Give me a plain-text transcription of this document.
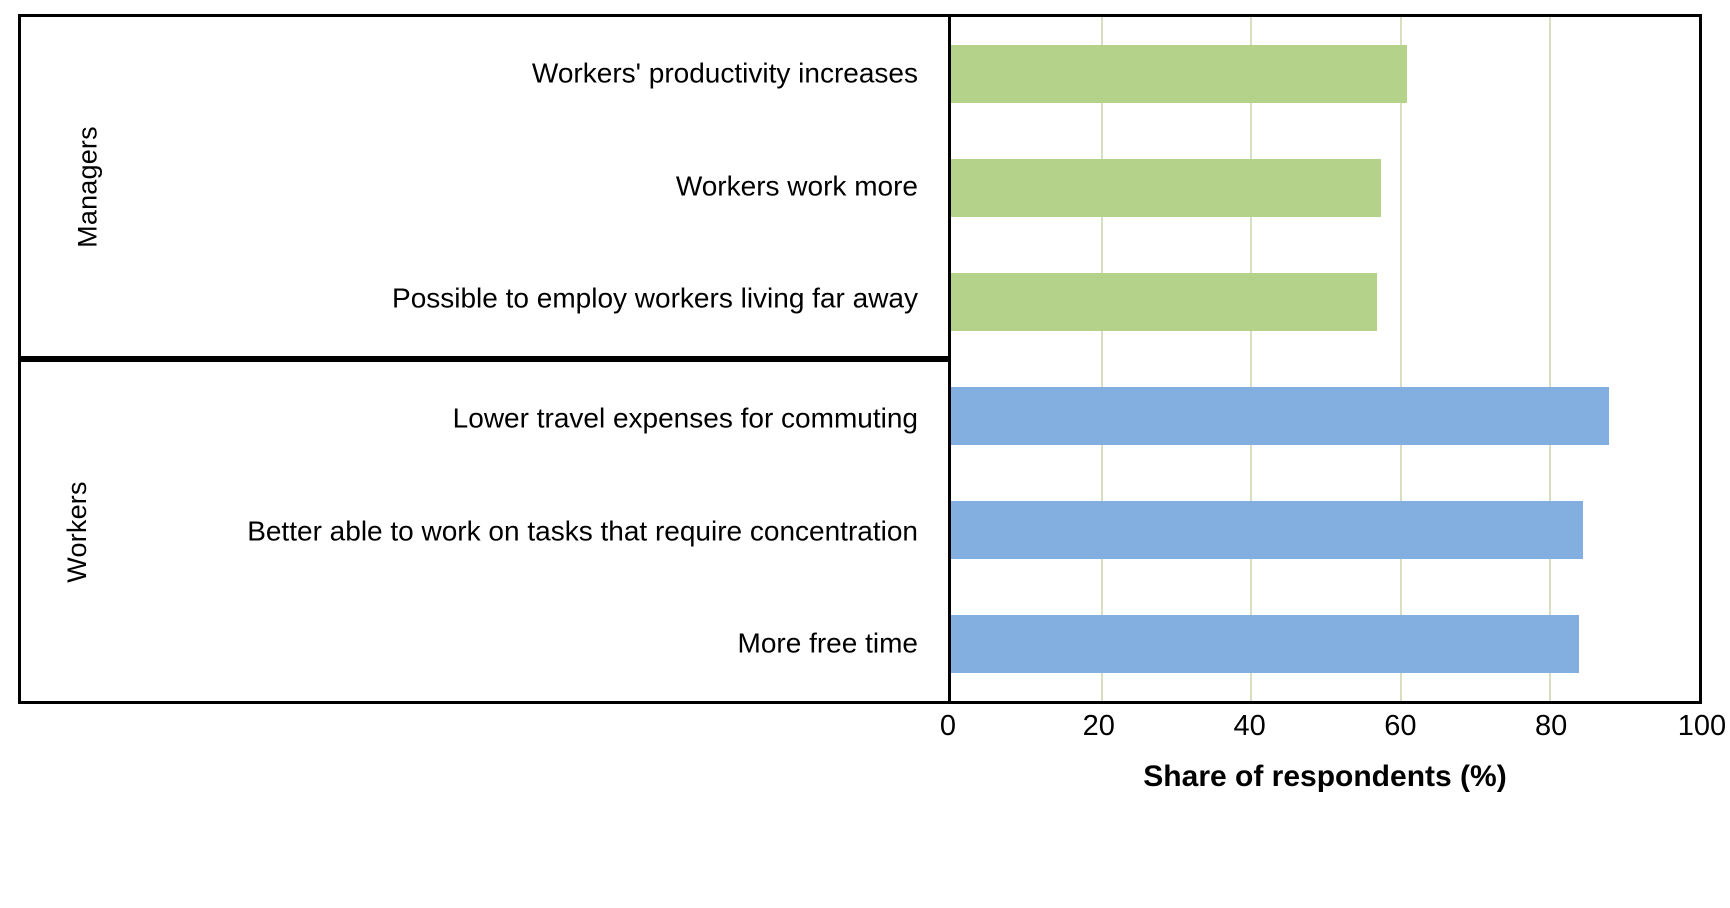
Managers
Workers' productivity increases
Workers work more
Possible to employ workers living far away
Workers
Lower travel expenses for commuting
Better able to work on tasks that require concentration
More free time
0	20	40	60	80	100
Share of respondents (%)
